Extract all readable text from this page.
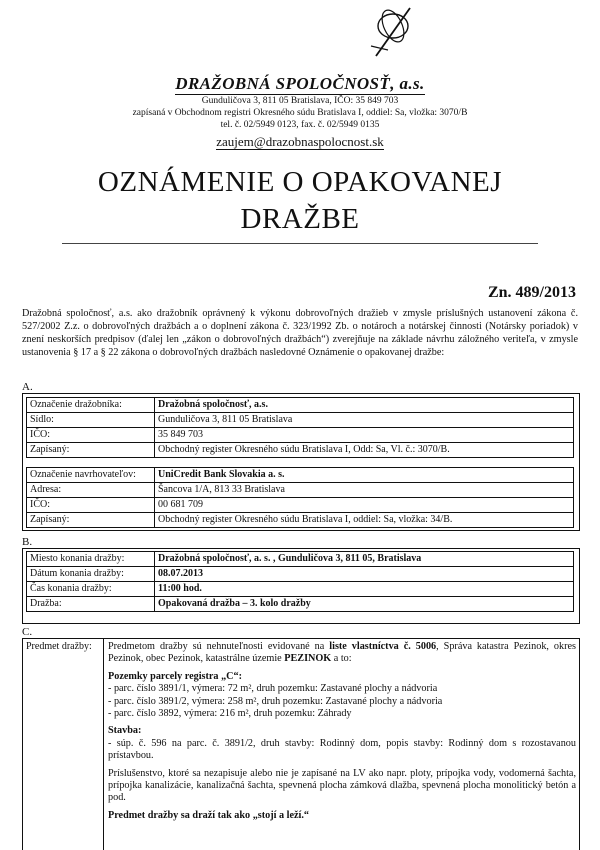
DRAŽOBNÁ SPOLOČNOSŤ, a.s.
Gunduličova 3, 811 05 Bratislava, IČO: 35 849 703
zapísaná v Obchodnom registri Okresného súdu Bratislava I, oddiel: Sa, vložka: 3070/B
tel. č. 02/5949 0123, fax. č. 02/5949 0135
zaujem@drazobnaspolocnost.sk
OZNÁMENIE O OPAKOVANEJ
DRAŽBE
Zn. 489/2013
Dražobná spoločnosť, a.s. ako dražobník oprávnený k výkonu dobrovoľných dražieb v zmysle príslušných ustanovení zákona č. 527/2002 Z.z. o dobrovoľných dražbách a o doplnení zákona č. 323/1992 Zb. o notároch a notárskej činnosti (Notársky poriadok) v znení neskorších predpisov (ďalej len „zákon o dobrovoľných dražbách“) zverejňuje na základe návrhu záložného veriteľa, v zmysle ustanovenia § 17 a § 22 zákona o dobrovoľných dražbách nasledovné Oznámenie o opakovanej dražbe:
A.
Označenie dražobníka:	Dražobná spoločnosť, a.s.
Sídlo:	Gunduličova 3, 811 05 Bratislava
IČO:	35 849 703
Zapísaný:	Obchodný register Okresného súdu Bratislava I, Odd: Sa, Vl. č.: 3070/B.
Označenie navrhovateľov:	UniCredit Bank Slovakia a. s.
Adresa:	Šancova 1/A, 813 33 Bratislava
IČO:	00 681 709
Zapísaný:	Obchodný register Okresného súdu Bratislava I, oddiel: Sa, vložka: 34/B.
B.
Miesto konania dražby:	Dražobná spoločnosť, a. s. , Gunduličova 3, 811 05, Bratislava
Dátum konania dražby:	08.07.2013
Čas konania dražby:	11:00 hod.
Dražba:	Opakovaná dražba – 3. kolo dražby
C.
Predmet dražby: Predmetom dražby sú nehnuteľnosti evidované na liste vlastníctva č. 5006, Správa katastra Pezinok, okres Pezinok, obec Pezinok, katastrálne územie PEZINOK a to:

Pozemky parcely registra „C“:
- parc. číslo 3891/1, výmera: 72 m², druh pozemku: Zastavané plochy a nádvoria
- parc. číslo 3891/2, výmera: 258 m², druh pozemku: Zastavané plochy a nádvoria
- parc. číslo 3892, výmera: 216 m², druh pozemku: Záhrady

Stavba:
- súp. č. 596 na parc. č. 3891/2, druh stavby: Rodinný dom, popis stavby: Rodinný dom s rozostavanou prístavbou.

Príslušenstvo, ktoré sa nezapisuje alebo nie je zapísané na LV ako napr. ploty, prípojka vody, vodomerná šachta, prípojka kanalizácie, kanalizačná šachta, spevnená plocha zámková dlažba, spevnená plocha monolitický betón a pod.

Predmet dražby sa draží tak ako „stojí a leží.“
